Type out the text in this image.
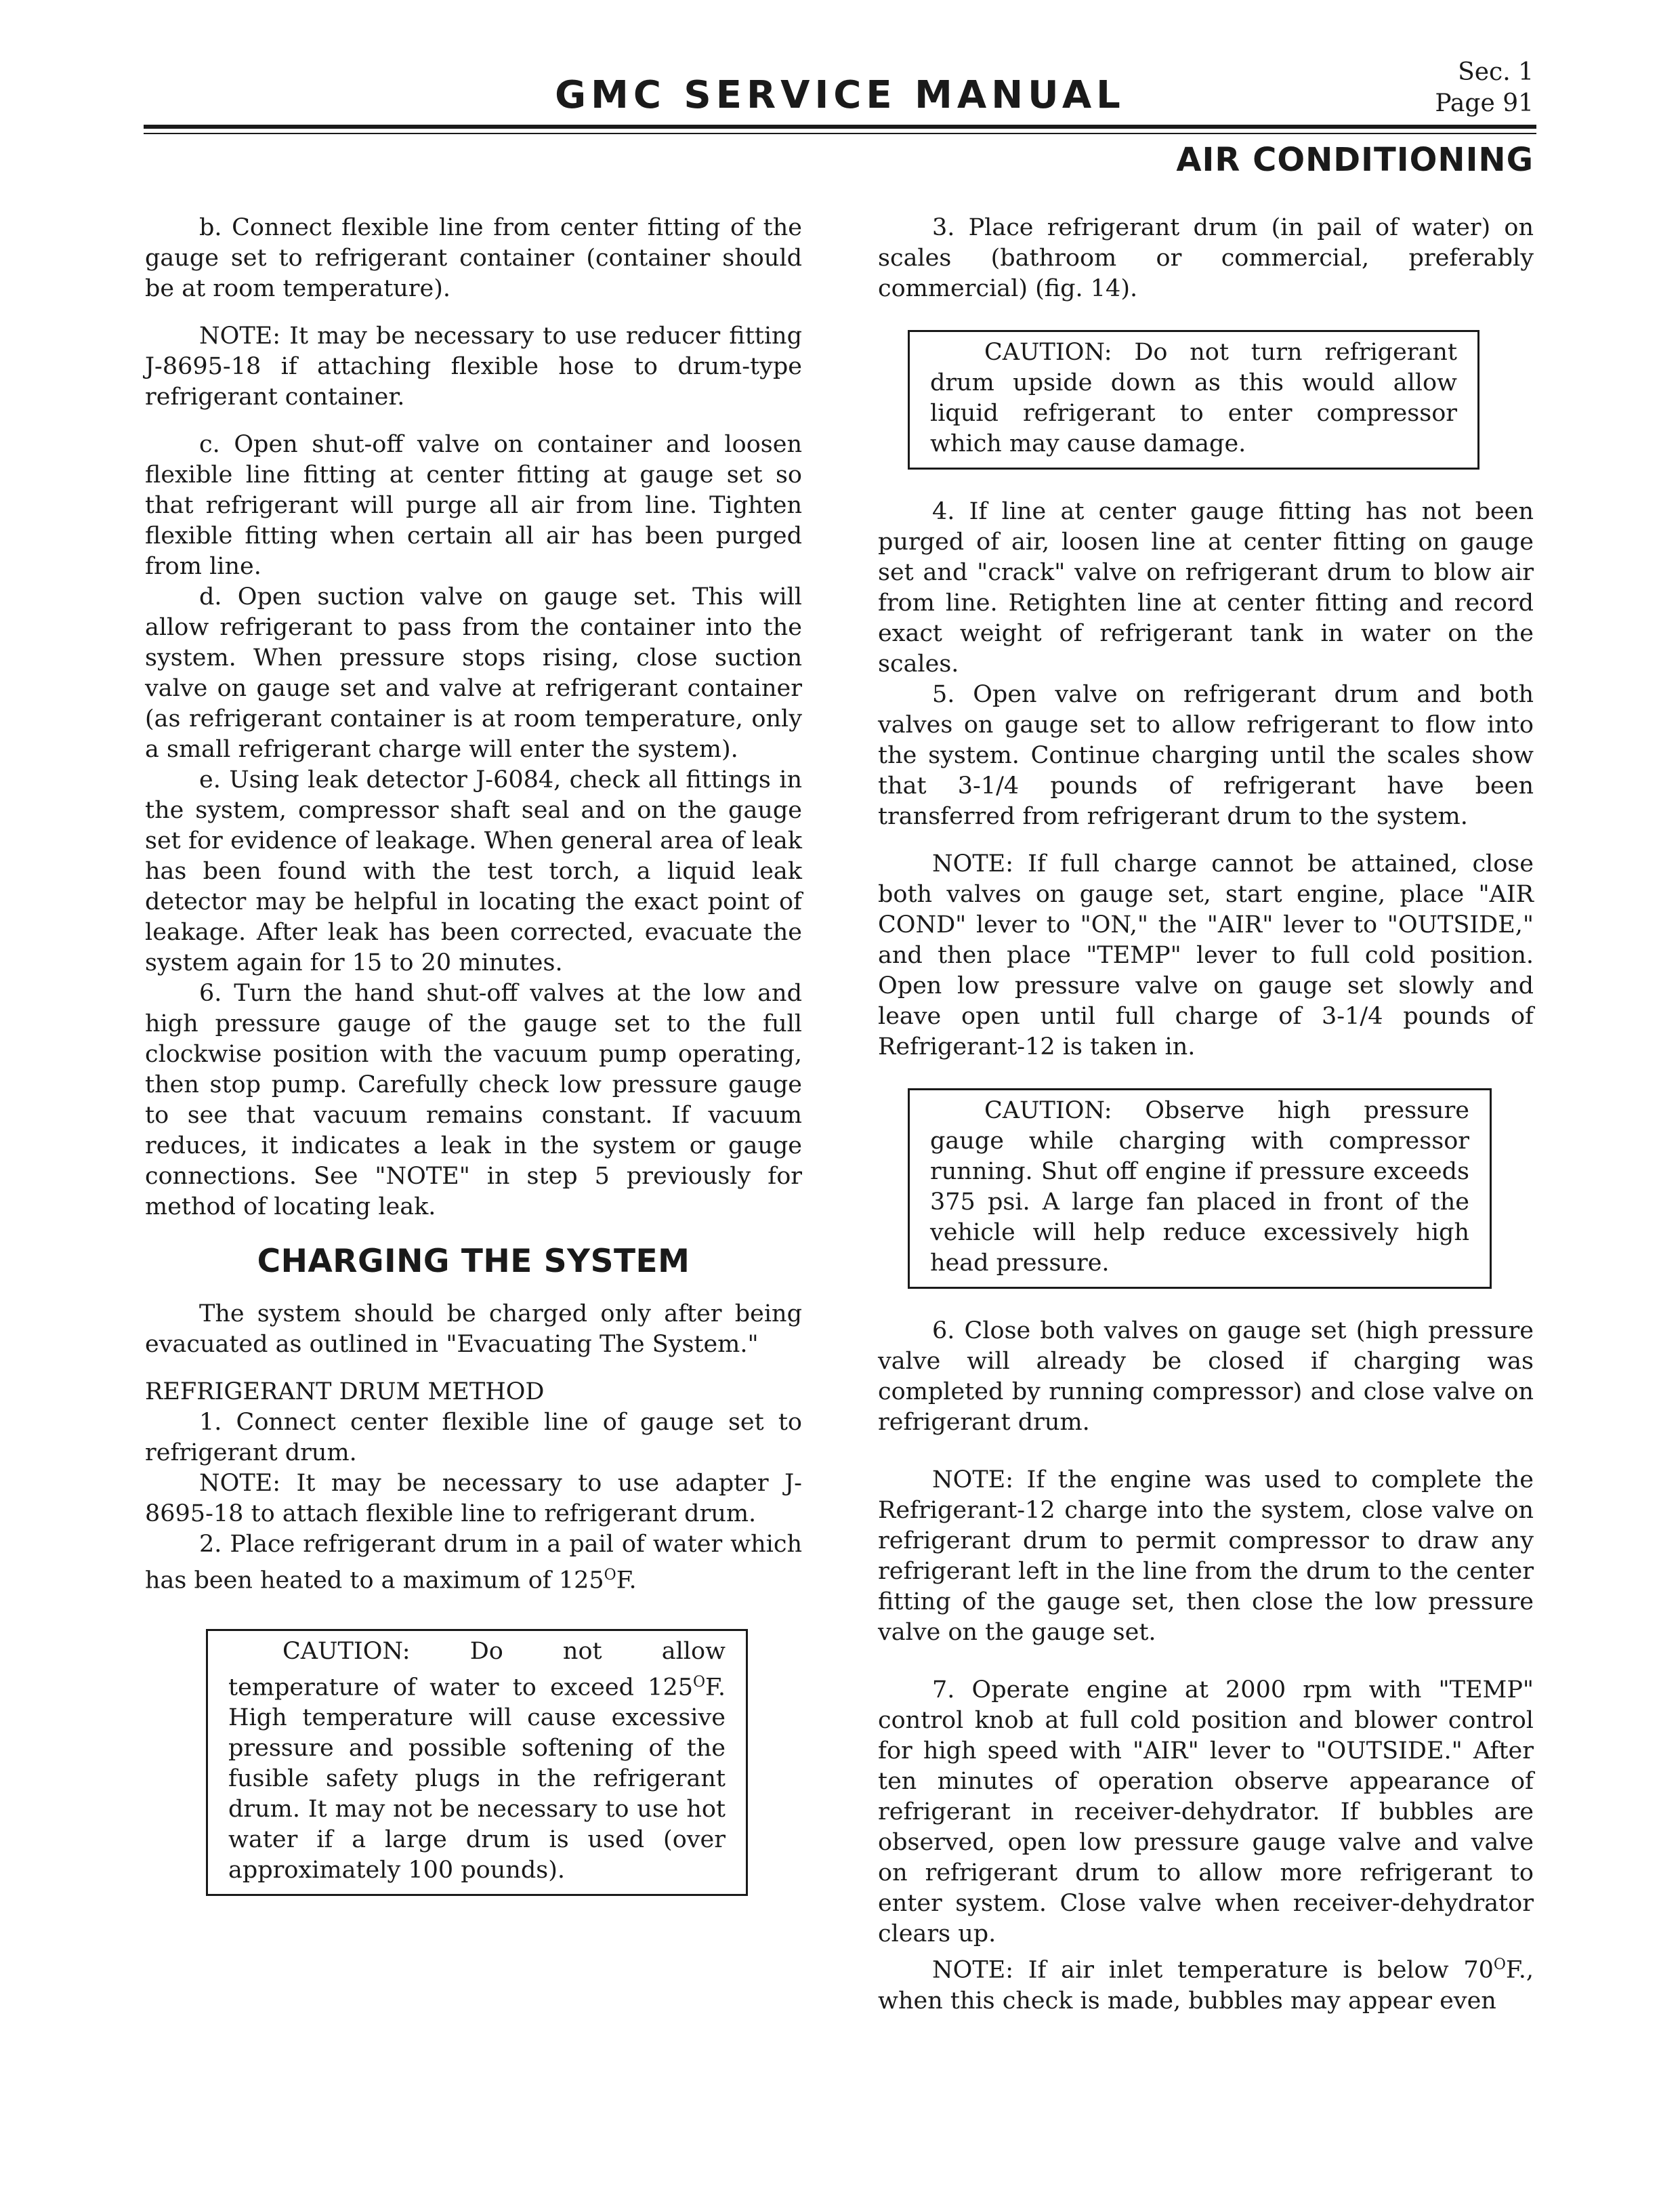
GMC SERVICE MANUAL
Sec. 1
Page 91
AIR CONDITIONING

b. Connect flexible line from center fitting of the gauge set to refrigerant container (container should be at room temperature).

NOTE: It may be necessary to use reducer fitting J-8695-18 if attaching flexible hose to drum-type refrigerant container.

c. Open shut-off valve on container and loosen flexible line fitting at center fitting at gauge set so that refrigerant will purge all air from line. Tighten flexible fitting when certain all air has been purged from line.

d. Open suction valve on gauge set. This will allow refrigerant to pass from the container into the system. When pressure stops rising, close suction valve on gauge set and valve at refrigerant container (as refrigerant container is at room temperature, only a small refrigerant charge will enter the system).

e. Using leak detector J-6084, check all fittings in the system, compressor shaft seal and on the gauge set for evidence of leakage. When general area of leak has been found with the test torch, a liquid leak detector may be helpful in locating the exact point of leakage. After leak has been corrected, evacuate the system again for 15 to 20 minutes.

6. Turn the hand shut-off valves at the low and high pressure gauge of the gauge set to the full clockwise position with the vacuum pump operating, then stop pump. Carefully check low pressure gauge to see that vacuum remains constant. If vacuum reduces, it indicates a leak in the system or gauge connections. See "NOTE" in step 5 previously for method of locating leak.

CHARGING THE SYSTEM

The system should be charged only after being evacuated as outlined in "Evacuating The System."

REFRIGERANT DRUM METHOD

1. Connect center flexible line of gauge set to refrigerant drum.

NOTE: It may be necessary to use adapter J-8695-18 to attach flexible line to refrigerant drum.

2. Place refrigerant drum in a pail of water which has been heated to a maximum of $125^OF$.

CAUTION: Do not allow temperature of water to exceed $125^OF$. High temperature will cause excessive pressure and possible softening of the fusible safety plugs in the refrigerant drum. It may not be necessary to use hot water if a large drum is used (over approximately 100 pounds).

3. Place refrigerant drum (in pail of water) on scales (bathroom or commercial, preferably commercial) (fig. 14).

CAUTION: Do not turn refrigerant drum upside down as this would allow liquid refrigerant to enter compressor which may cause damage.

4. If line at center gauge fitting has not been purged of air, loosen line at center fitting on gauge set and "crack" valve on refrigerant drum to blow air from line. Retighten line at center fitting and record exact weight of refrigerant tank in water on the scales.

5. Open valve on refrigerant drum and both valves on gauge set to allow refrigerant to flow into the system. Continue charging until the scales show that 3-1/4 pounds of refrigerant have been transferred from refrigerant drum to the system.

NOTE: If full charge cannot be attained, close both valves on gauge set, start engine, place "AIR COND" lever to "ON," the "AIR" lever to "OUTSIDE," and then place "TEMP" lever to full cold position. Open low pressure valve on gauge set slowly and leave open until full charge of 3-1/4 pounds of Refrigerant-12 is taken in.

CAUTION: Observe high pressure gauge while charging with compressor running. Shut off engine if pressure exceeds 375 psi. A large fan placed in front of the vehicle will help reduce excessively high head pressure.

6. Close both valves on gauge set (high pressure valve will already be closed if charging was completed by running compressor) and close valve on refrigerant drum.

NOTE: If the engine was used to complete the Refrigerant-12 charge into the system, close valve on refrigerant drum to permit compressor to draw any refrigerant left in the line from the drum to the center fitting of the gauge set, then close the low pressure valve on the gauge set.

7. Operate engine at 2000 rpm with "TEMP" control knob at full cold position and blower control for high speed with "AIR" lever to "OUTSIDE." After ten minutes of operation observe appearance of refrigerant in receiver-dehydrator. If bubbles are observed, open low pressure gauge valve and valve on refrigerant drum to allow more refrigerant to enter system. Close valve when receiver-dehydrator clears up.

NOTE: If air inlet temperature is below $70^OF$., when this check is made, bubbles may appear even
